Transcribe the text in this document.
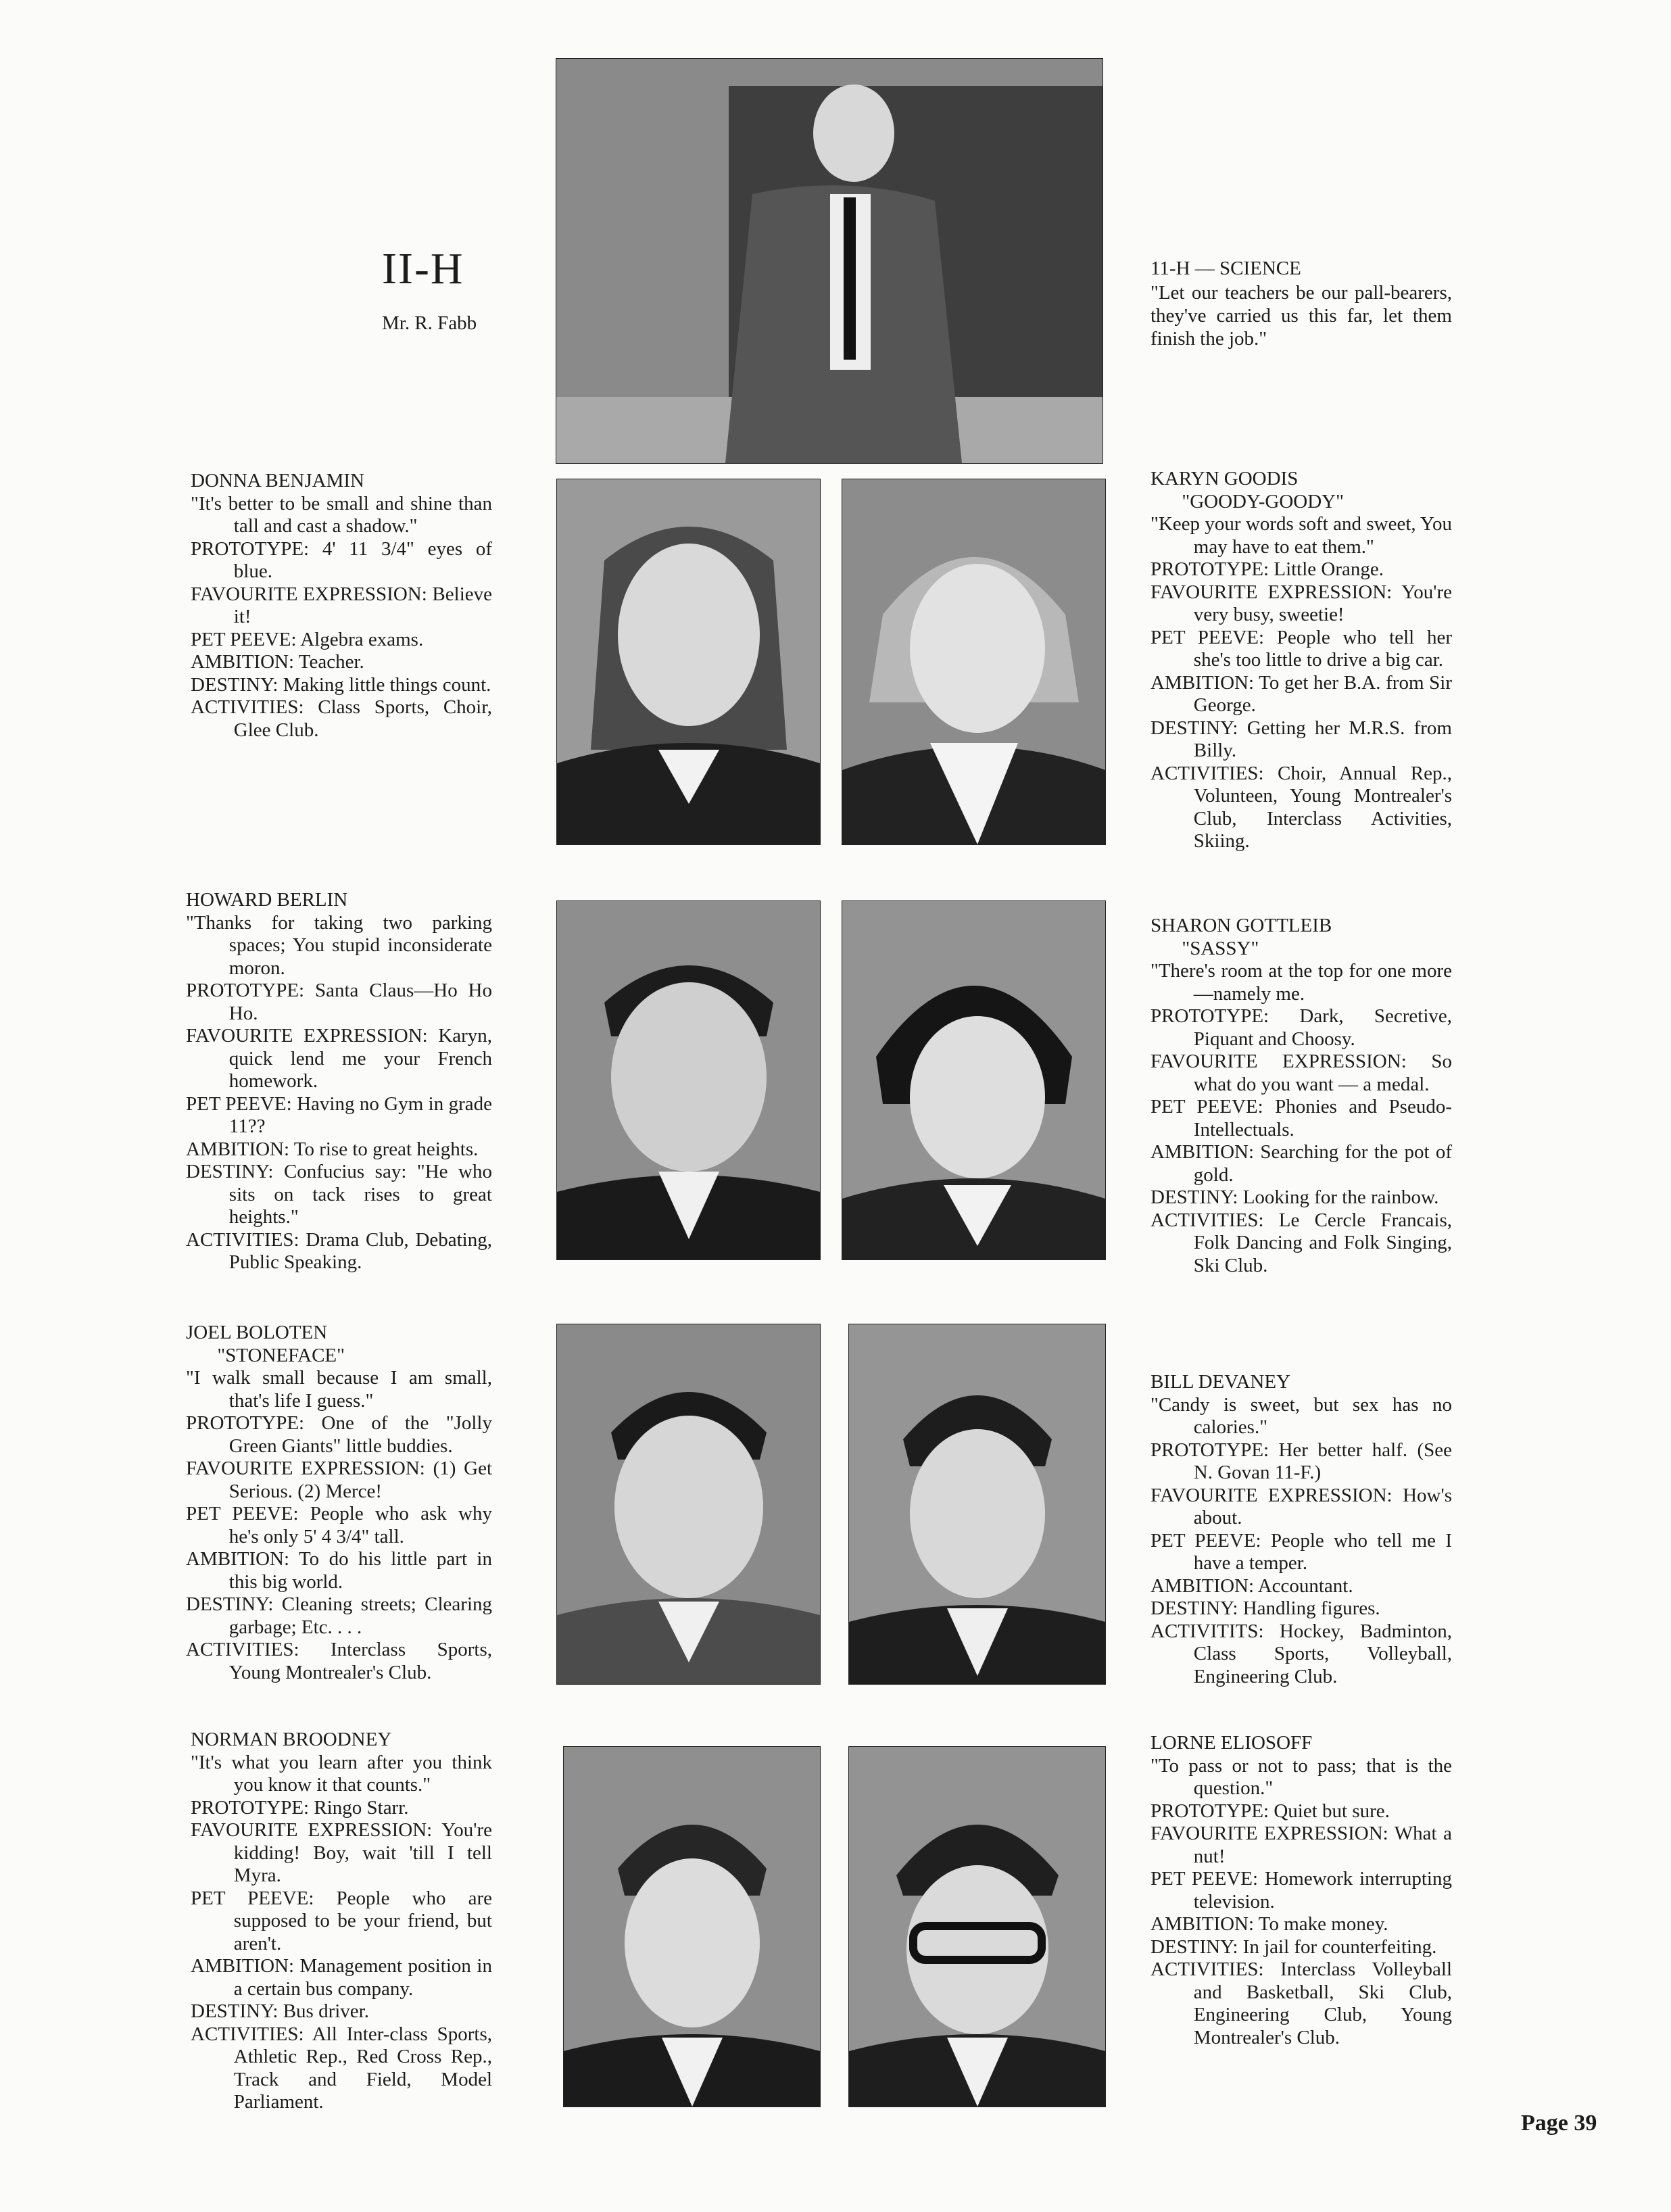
II-H
Mr. R. Fabb
11-H — SCIENCE
"Let our teachers be our pall-bearers, they've carried us this far, let them finish the job."
DONNA BENJAMIN
"It's better to be small and shine than tall and cast a shadow."
PROTOTYPE: 4' 11 3/4" eyes of blue.
FAVOURITE EXPRESSION: Believe it!
PET PEEVE: Algebra exams.
AMBITION: Teacher.
DESTINY: Making little things count.
ACTIVITIES: Class Sports, Choir, Glee Club.
HOWARD BERLIN
"Thanks for taking two parking spaces; You stupid inconsiderate moron.
PROTOTYPE: Santa Claus—Ho Ho Ho.
FAVOURITE EXPRESSION: Karyn, quick lend me your French homework.
PET PEEVE: Having no Gym in grade 11??
AMBITION: To rise to great heights.
DESTINY: Confucius say: "He who sits on tack rises to great heights."
ACTIVITIES: Drama Club, Debating, Public Speaking.
JOEL BOLOTEN
"STONEFACE"
"I walk small because I am small, that's life I guess."
PROTOTYPE: One of the "Jolly Green Giants" little buddies.
FAVOURITE EXPRESSION: (1) Get Serious. (2) Merce!
PET PEEVE: People who ask why he's only 5' 4 3/4" tall.
AMBITION: To do his little part in this big world.
DESTINY: Cleaning streets; Clearing garbage; Etc. . . .
ACTIVITIES: Interclass Sports, Young Montrealer's Club.
NORMAN BROODNEY
"It's what you learn after you think you know it that counts."
PROTOTYPE: Ringo Starr.
FAVOURITE EXPRESSION: You're kidding! Boy, wait 'till I tell Myra.
PET PEEVE: People who are supposed to be your friend, but aren't.
AMBITION: Management position in a certain bus company.
DESTINY: Bus driver.
ACTIVITIES: All Inter-class Sports, Athletic Rep., Red Cross Rep., Track and Field, Model Parliament.
KARYN GOODIS
"GOODY-GOODY"
"Keep your words soft and sweet, You may have to eat them."
PROTOTYPE: Little Orange.
FAVOURITE EXPRESSION: You're very busy, sweetie!
PET PEEVE: People who tell her she's too little to drive a big car.
AMBITION: To get her B.A. from Sir George.
DESTINY: Getting her M.R.S. from Billy.
ACTIVITIES: Choir, Annual Rep., Volunteen, Young Montrealer's Club, Interclass Activities, Skiing.
SHARON GOTTLEIB
"SASSY"
"There's room at the top for one more—namely me.
PROTOTYPE: Dark, Secretive, Piquant and Choosy.
FAVOURITE EXPRESSION: So what do you want — a medal.
PET PEEVE: Phonies and Pseudo-Intellectuals.
AMBITION: Searching for the pot of gold.
DESTINY: Looking for the rainbow.
ACTIVITIES: Le Cercle Francais, Folk Dancing and Folk Singing, Ski Club.
BILL DEVANEY
"Candy is sweet, but sex has no calories."
PROTOTYPE: Her better half. (See N. Govan 11-F.)
FAVOURITE EXPRESSION: How's about.
PET PEEVE: People who tell me I have a temper.
AMBITION: Accountant.
DESTINY: Handling figures.
ACTIVITITS: Hockey, Badminton, Class Sports, Volleyball, Engineering Club.
LORNE ELIOSOFF
"To pass or not to pass; that is the question."
PROTOTYPE: Quiet but sure.
FAVOURITE EXPRESSION: What a nut!
PET PEEVE: Homework interrupting television.
AMBITION: To make money.
DESTINY: In jail for counterfeiting.
ACTIVITIES: Interclass Volleyball and Basketball, Ski Club, Engineering Club, Young Montrealer's Club.
Page 39
